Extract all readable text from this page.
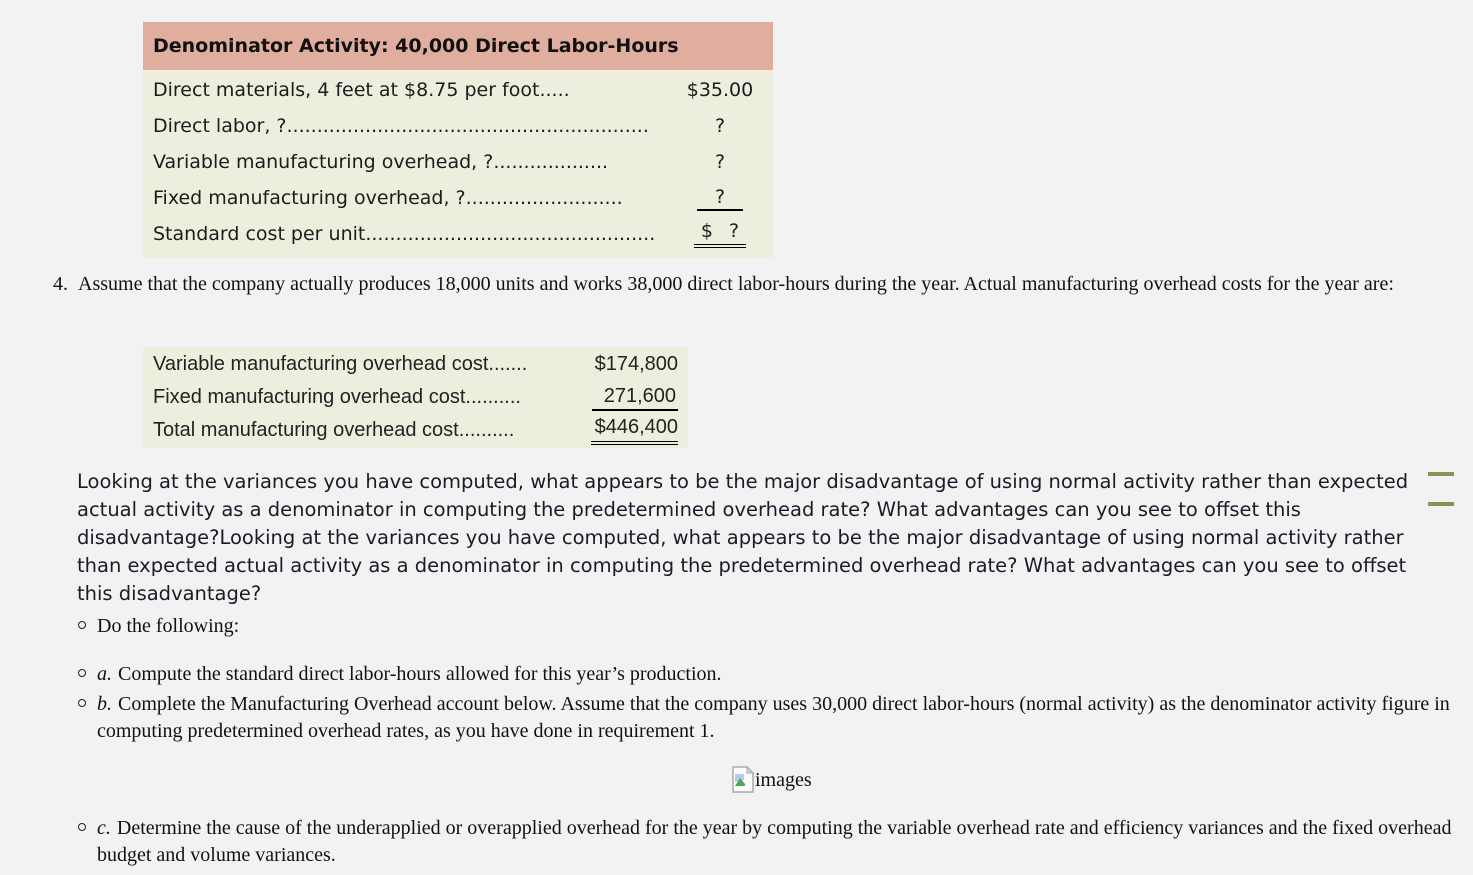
Denominator Activity: 40,000 Direct Labor-Hours
Direct materials, 4 feet at $8.75 per foot.....	$35.00
Direct labor, ?............................................................	?
Variable manufacturing overhead, ?...................	?
Fixed manufacturing overhead, ?..........................	?
Standard cost per unit................................................	$ ?
4. Assume that the company actually produces 18,000 units and works 38,000 direct labor-hours during the year. Actual manufacturing overhead costs for the year are:
Variable manufacturing overhead cost.......	$174,800
Fixed manufacturing overhead cost..........	271,600
Total manufacturing overhead cost..........	$446,400
Looking at the variances you have computed, what appears to be the major disadvantage of using normal activity rather than expected actual activity as a denominator in computing the predetermined overhead rate? What advantages can you see to offset this disadvantage?Looking at the variances you have computed, what appears to be the major disadvantage of using normal activity rather than expected actual activity as a denominator in computing the predetermined overhead rate? What advantages can you see to offset this disadvantage?
Do the following:
a. Compute the standard direct labor-hours allowed for this year’s production.
b. Complete the Manufacturing Overhead account below. Assume that the company uses 30,000 direct labor-hours (normal activity) as the denominator activity figure in computing predetermined overhead rates, as you have done in requirement 1.
images
c. Determine the cause of the underapplied or overapplied overhead for the year by computing the variable overhead rate and efficiency variances and the fixed overhead budget and volume variances.
